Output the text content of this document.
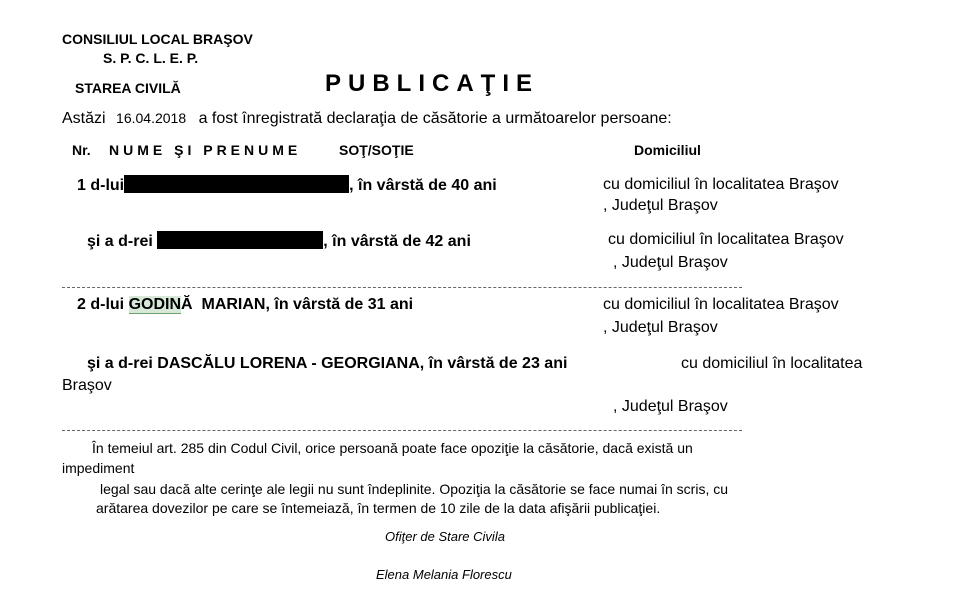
CONSILIUL LOCAL BRAŞOV
S. P. C. L. E. P.
STAREA CIVILĂ	PUBLICAŢIE
Astăzi 16.04.2018 a fost înregistrată declaraţia de căsătorie a următoarelor persoane:
Nr. NUME ŞI PRENUME	SOŢ/SOŢIE	Domiciliul
1 d-lui	, în vârstă de 40 ani	cu domiciliul în localitatea Braşov
, Judeţul Braşov
şi a d-rei	, în vârstă de 42 ani	cu domiciliul în localitatea Braşov
, Judeţul Braşov
2 d-lui GODINĂ MARIAN, în vârstă de 31 ani	cu domiciliul în localitatea Braşov
, Judeţul Braşov
şi a d-rei DASCĂLU LORENA - GEORGIANA, în vârstă de 23 ani	cu domiciliul în localitatea
Braşov
, Judeţul Braşov
În temeiul art. 285 din Codul Civil, orice persoană poate face opoziţie la căsătorie, dacă există un
impediment
legal sau dacă alte cerinţe ale legii nu sunt îndeplinite. Opoziţia la căsătorie se face numai în scris, cu
arătarea dovezilor pe care se întemeiază, în termen de 10 zile de la data afişării publicaţiei.
Ofiţer de Stare Civila
Elena Melania Florescu
